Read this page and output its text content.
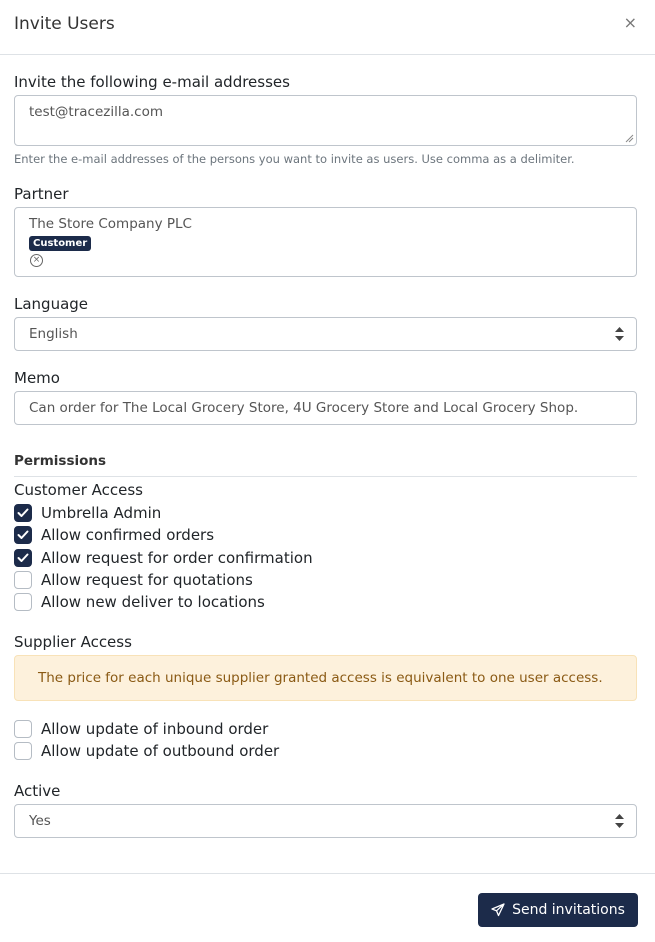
Invite Users	×
Invite the following e-mail addresses
test@tracezilla.com
Enter the e-mail addresses of the persons you want to invite as users. Use comma as a delimiter.
Partner
The Store Company PLC
Customer
×
Language
English
Memo
Can order for The Local Grocery Store, 4U Grocery Store and Local Grocery Shop.
Permissions
Customer Access
Umbrella Admin
Allow confirmed orders
Allow request for order confirmation
Allow request for quotations
Allow new deliver to locations
Supplier Access
The price for each unique supplier granted access is equivalent to one user access.
Allow update of inbound order
Allow update of outbound order
Active
Yes
Send invitations
